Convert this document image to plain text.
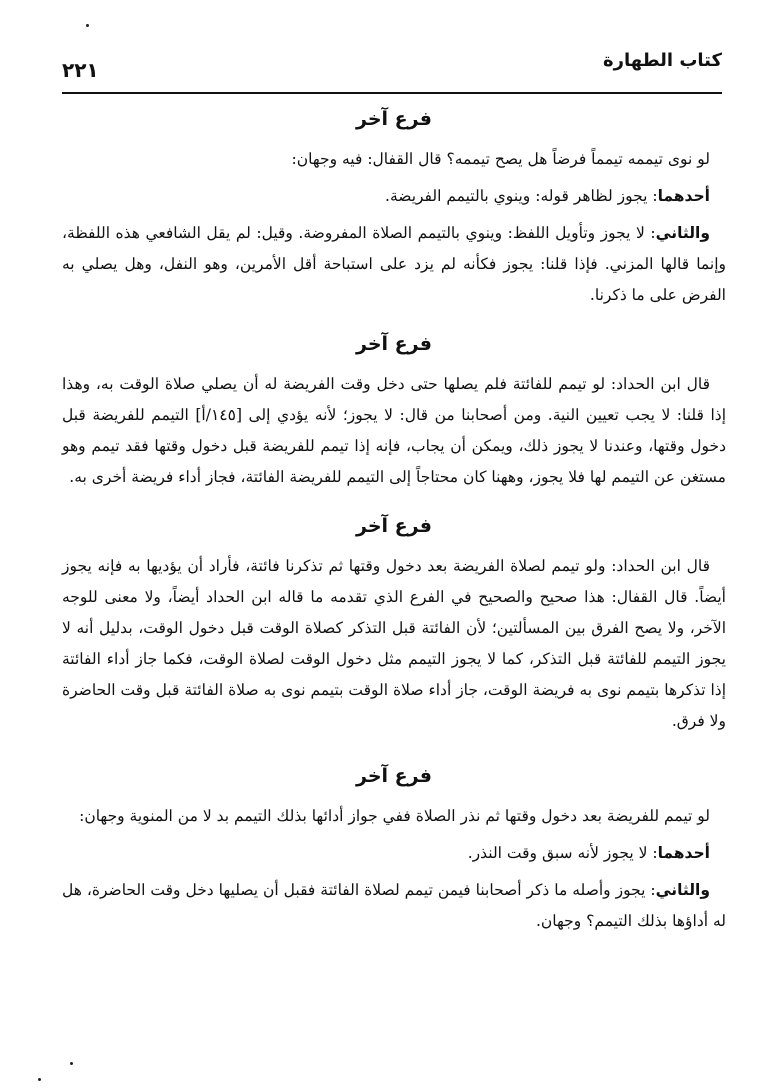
كتاب الطهارة
٢٢١
فرع آخر

لو نوى تيممه تيمماً فرضاً هل يصح تيممه؟ قال القفال: فيه وجهان:

أحدهما: يجوز لظاهر قوله: وينوي بالتيمم الفريضة.

والثاني: لا يجوز وتأويل اللفظ: وينوي بالتيمم الصلاة المفروضة. وقيل: لم يقل الشافعي هذه اللفظة، وإنما قالها المزني. فإذا قلنا: يجوز فكأنه لم يزد على استباحة أقل الأمرين، وهو النفل، وهل يصلي به الفرض على ما ذكرنا.

فرع آخر

قال ابن الحداد: لو تيمم للفائتة فلم يصلها حتى دخل وقت الفريضة له أن يصلي صلاة الوقت به، وهذا إذا قلنا: لا يجب تعيين النية. ومن أصحابنا من قال: لا يجوز؛ لأنه يؤدي إلى [١٤٥/أ] التيمم للفريضة قبل دخول وقتها، وعندنا لا يجوز ذلك، ويمكن أن يجاب، فإنه إذا تيمم للفريضة قبل دخول وقتها فقد تيمم وهو مستغن عن التيمم لها فلا يجوز، وههنا كان محتاجاً إلى التيمم للفريضة الفائتة، فجاز أداء فريضة أخرى به.

فرع آخر

قال ابن الحداد: ولو تيمم لصلاة الفريضة بعد دخول وقتها ثم تذكرنا فائتة، فأراد أن يؤديها به فإنه يجوز أيضاً. قال القفال: هذا صحيح والصحيح في الفرع الذي تقدمه ما قاله ابن الحداد أيضاً، ولا معنى للوجه الآخر، ولا يصح الفرق بين المسألتين؛ لأن الفائتة قبل التذكر كصلاة الوقت قبل دخول الوقت، بدليل أنه لا يجوز التيمم للفائتة قبل التذكر، كما لا يجوز التيمم مثل دخول الوقت لصلاة الوقت، فكما جاز أداء الفائتة إذا تذكرها بتيمم نوى به فريضة الوقت، جاز أداء صلاة الوقت بتيمم نوى به صلاة الفائتة قبل وقت الحاضرة ولا فرق.

فرع آخر

لو تيمم للفريضة بعد دخول وقتها ثم نذر الصلاة ففي جواز أدائها بذلك التيمم بد لا من المنوية وجهان:

أحدهما: لا يجوز لأنه سبق وقت النذر.

والثاني: يجوز وأصله ما ذكر أصحابنا فيمن تيمم لصلاة الفائتة فقبل أن يصليها دخل وقت الحاضرة، هل له أداؤها بذلك التيمم؟ وجهان.
